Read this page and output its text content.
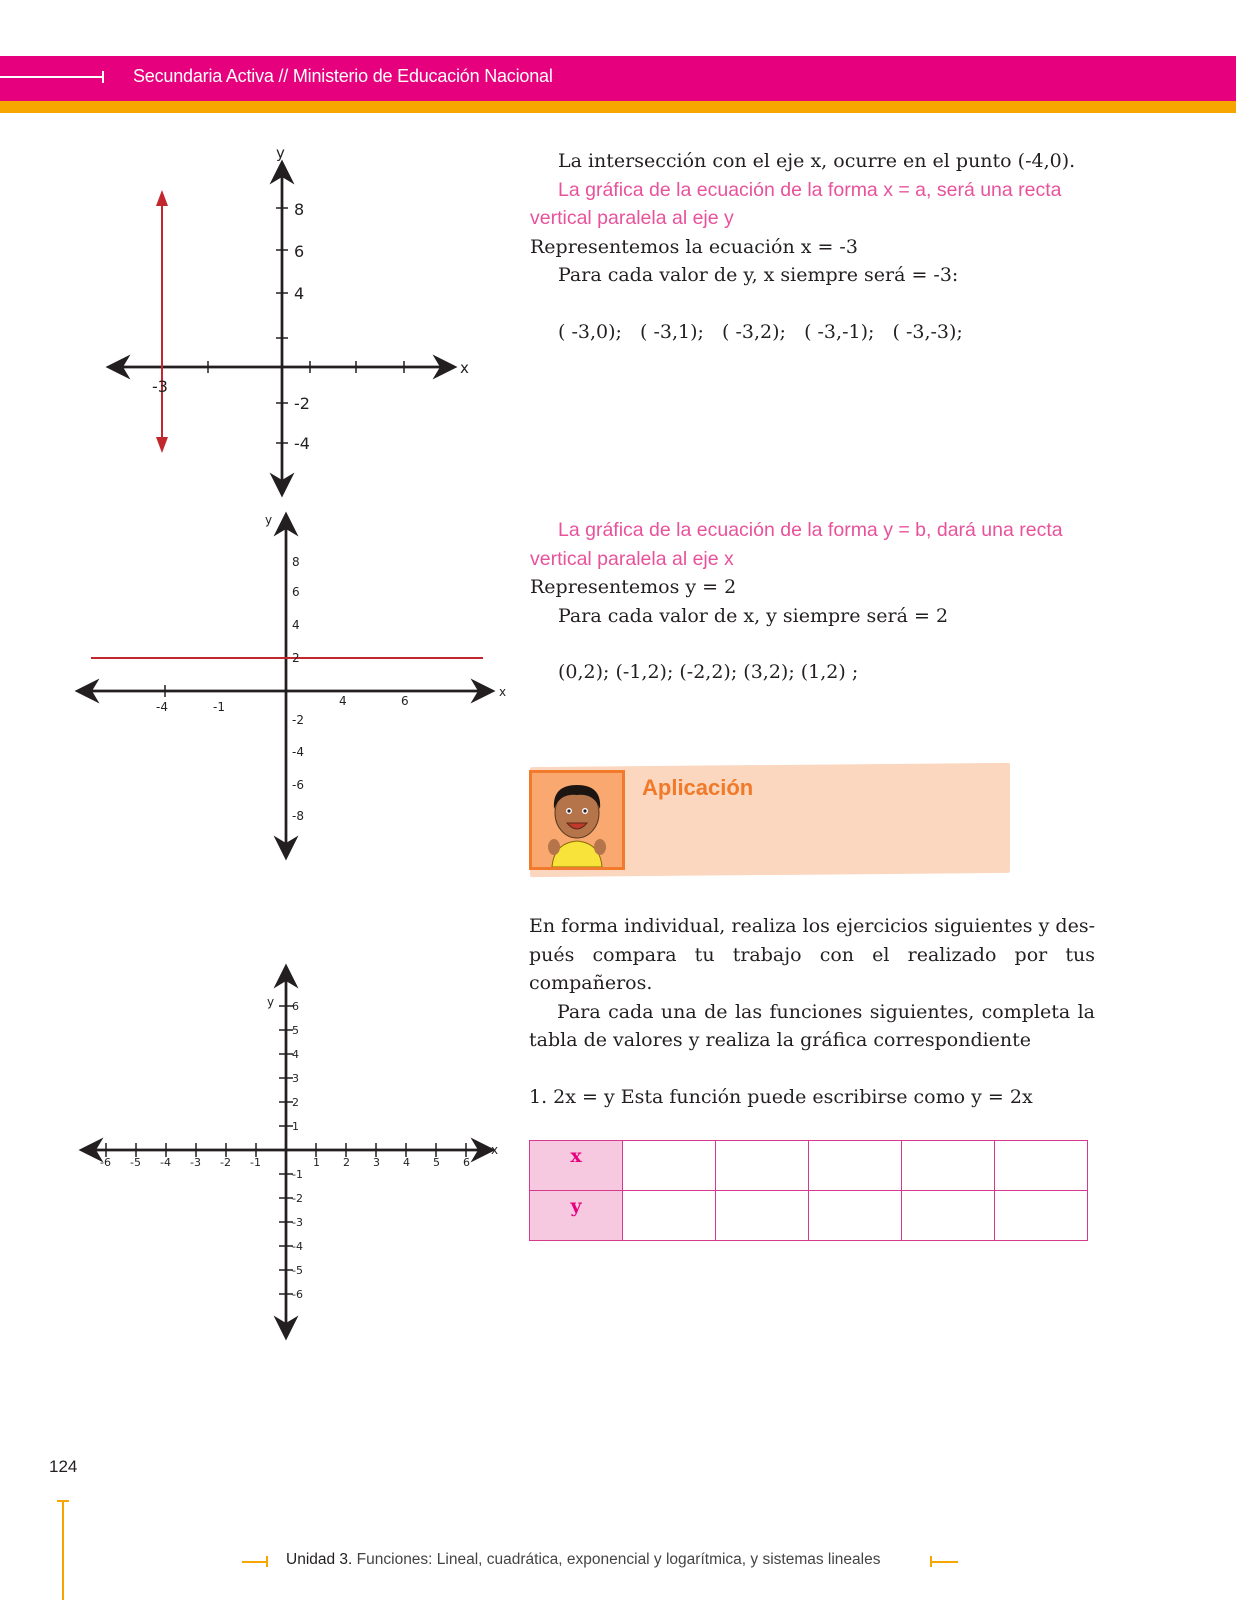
Secundaria Activa // Ministerio de Educación Nacional
y
x
8
6
4
-2
-4
-3
y
x
8
6
4
2
-2
-4
-6
-8
-4	-1	4	6
y
x
-6 -5 -4 -3 -2 -1	1 2 3 4 5 6
6
5
4
3
2
1
-1
-2
-3
-4
-5
-6
La intersección con el eje x, ocurre en el punto (-4,0).
La gráfica de la ecuación de la forma x = a, será una recta
vertical paralela al eje y
Representemos la ecuación x = -3
Para cada valor de y, x siempre será = -3:
( -3,0);   ( -3,1);   ( -3,2);   ( -3,-1);   ( -3,-3);
La gráfica de la ecuación de la forma y = b, dará una recta
vertical paralela al eje x
Representemos y = 2
Para cada valor de x, y siempre será = 2
(0,2); (-1,2); (-2,2); (3,2); (1,2) ;
Aplicación
En forma individual, realiza los ejercicios siguientes y des-pués compara tu trabajo con el realizado por tus compañeros.
Para cada una de las funciones siguientes, completa la tabla de valores y realiza la gráfica correspondiente
1. 2x = y Esta función puede escribirse como y = 2x
x					
y					
124
Unidad 3. Funciones: Lineal, cuadrática, exponencial y logarítmica, y sistemas lineales
